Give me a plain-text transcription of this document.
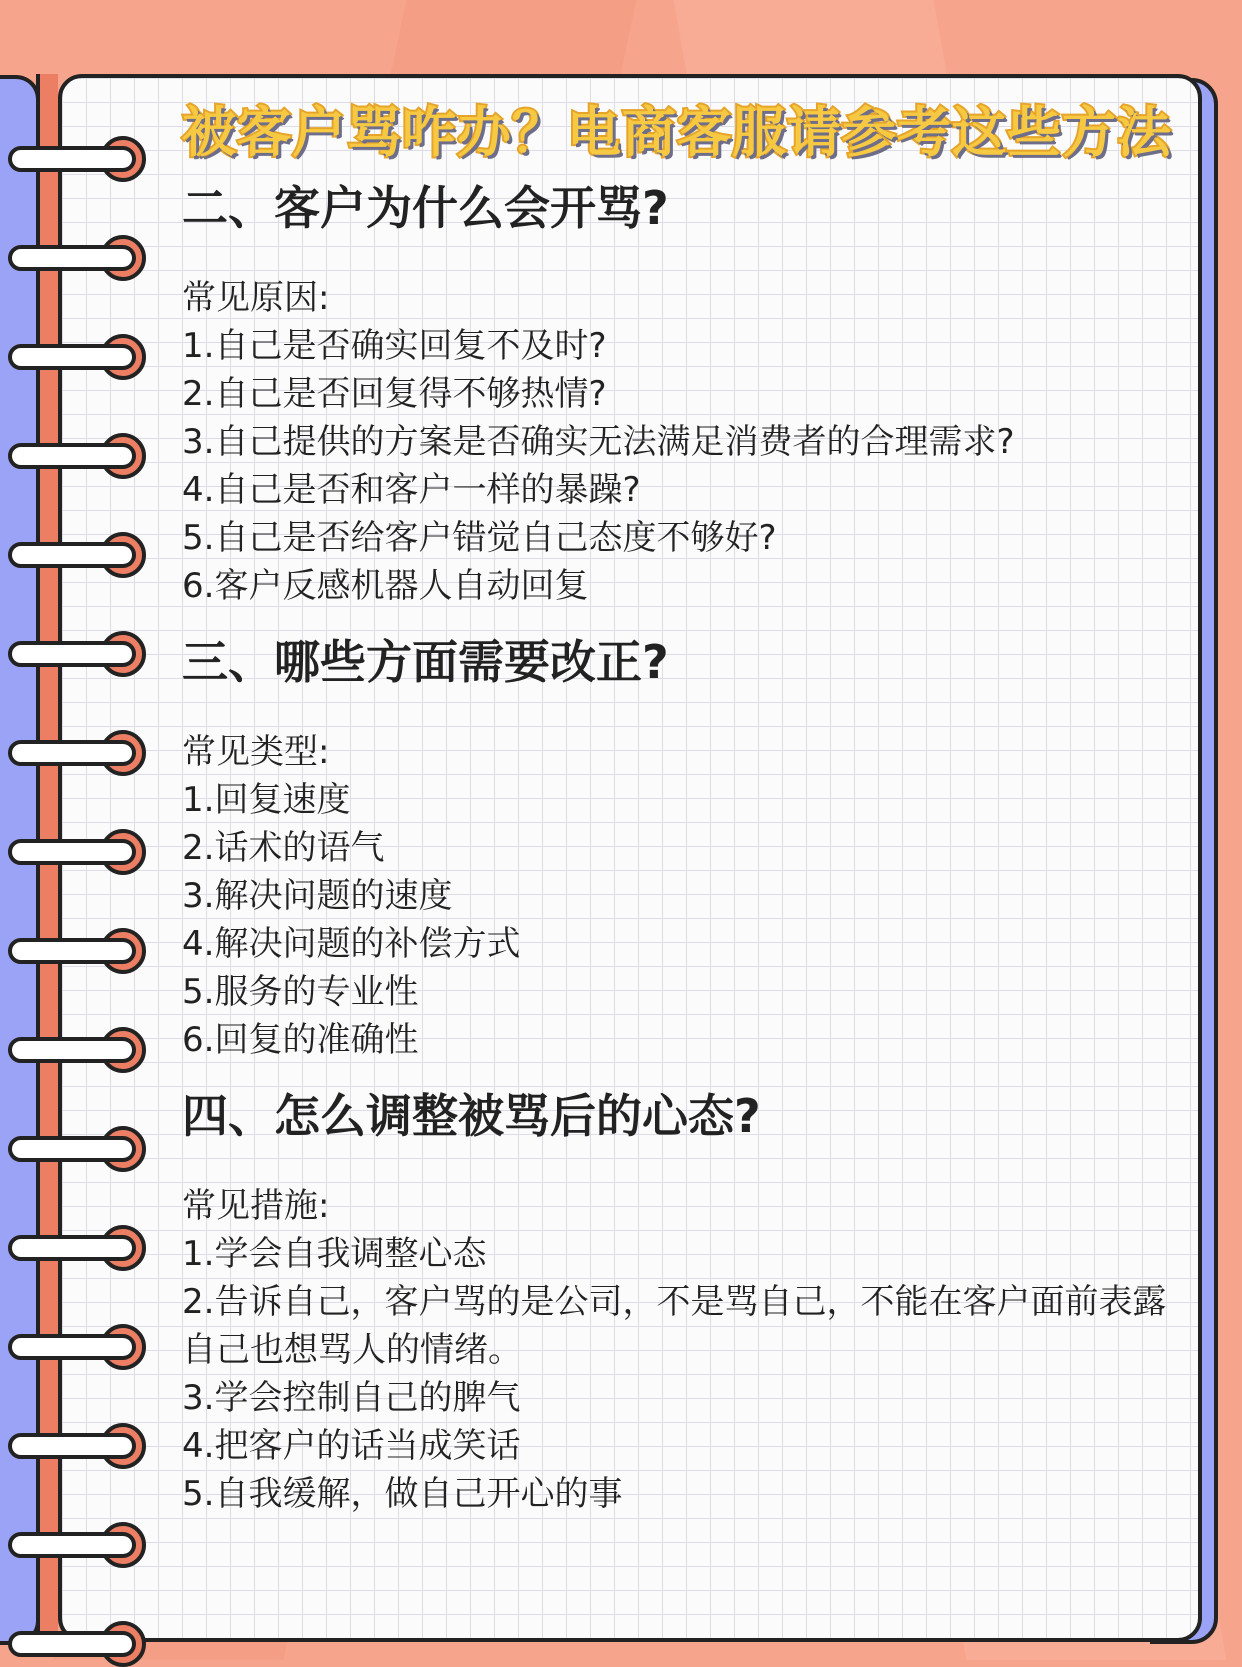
被客户骂咋办？电商客服请参考这些方法
二、客户为什么会开骂?
常见原因:
1.自己是否确实回复不及时?
2.自己是否回复得不够热情?
3.自己提供的方案是否确实无法满足消费者的合理需求?
4.自己是否和客户一样的暴躁?
5.自己是否给客户错觉自己态度不够好?
6.客户反感机器人自动回复
三、哪些方面需要改正?
常见类型:
1.回复速度
2.话术的语气
3.解决问题的速度
4.解决问题的补偿方式
5.服务的专业性
6.回复的准确性
四、怎么调整被骂后的心态?
常见措施:
1.学会自我调整心态
2.告诉自己，客户骂的是公司，不是骂自己，不能在客户面前表露自己也想骂人的情绪。
3.学会控制自己的脾气
4.把客户的话当成笑话
5.自我缓解，做自己开心的事
